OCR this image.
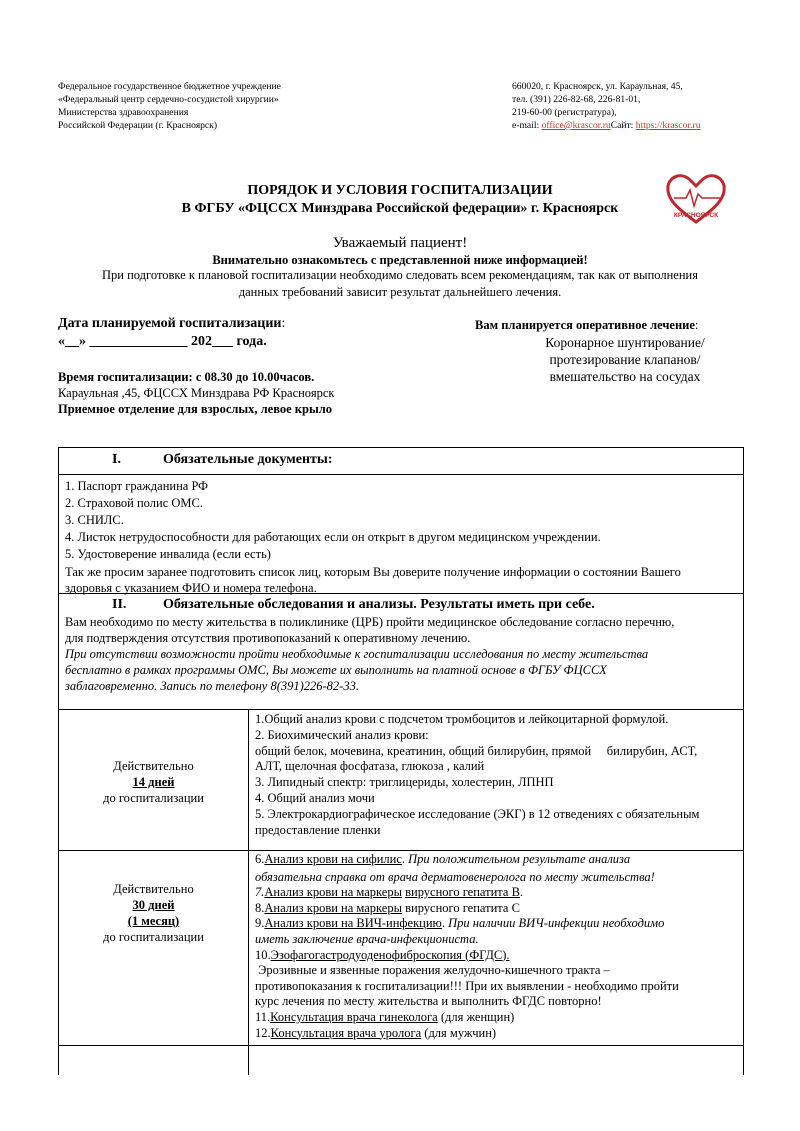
Федеральное государственное бюджетное учреждение
«Федеральный центр сердечно-сосудистой хирургии»
Министерства здравоохранения
Российской Федерации (г. Красноярск)
660020, г. Красноярск, ул. Караульная, 45,
тел. (391) 226-82-68, 226-81-01,
219-60-00 (регистратура),
e-mail: office@krascor.ruСайт: https://krascor.ru
КРАСНОЯРСК
ПОРЯДОК И УСЛОВИЯ ГОСПИТАЛИЗАЦИИ
В ФГБУ «ФЦССХ Минздрава Российской федерации» г. Красноярск
Уважаемый пациент!
Внимательно ознакомьтесь с представленной ниже информацией!
При подготовке к плановой госпитализации необходимо следовать всем рекомендациям, так как от выполнения
данных требований зависит результат дальнейшего лечения.
Дата планируемой госпитализации:
«__» ______________ 202___ года.
Время госпитализации: с 08.30 до 10.00часов.
Караульная ,45, ФЦССХ Минздрава РФ Красноярск
Приемное отделение для взрослых, левое крыло
Вам планируется оперативное лечение:
Коронарное шунтирование/
протезирование клапанов/
вмешательство на сосудах
I.	Обязательные документы:
1. Паспорт гражданина РФ
2. Страховой полис ОМС.
3. СНИЛС.
4. Листок нетрудоспособности для работающих если он открыт в другом медицинском учреждении.
5. Удостоверение инвалида (если есть)
Так же просим заранее подготовить список лиц, которым Вы доверите получение информации о состоянии Вашего
здоровья с указанием ФИО и номера телефона.
II.	Обязательные обследования и анализы. Результаты иметь при себе.
Вам необходимо по месту жительства в поликлинике (ЦРБ) пройти медицинское обследование согласно перечню,
для подтверждения отсутствия противопоказаний к оперативному лечению.
При отсутствии возможности пройти необходимые к госпитализации исследования по месту жительства
бесплатно в рамках программы ОМС, Вы можете их выполнить на платной основе в ФГБУ ФЦССХ
заблаговременно. Запись по телефону 8(391)226-82-33.
Действительно
14 дней
до госпитализации
1.Общий анализ крови с подсчетом тромбоцитов и лейкоцитарной формулой.
2. Биохимический анализ крови:
общий белок, мочевина, креатинин, общий билирубин, прямой     билирубин, АСТ,
АЛТ, щелочная фосфатаза, глюкоза , калий
3. Липидный спектр: триглицериды, холестерин, ЛПНП
4. Общий анализ мочи
5. Электрокардиографическое исследование (ЭКГ) в 12 отведениях с обязательным
предоставление пленки
Действительно
30 дней
(1 месяц)
до госпитализации
6.Анализ крови на сифилис. При положительном результате анализа
обязательна справка от врача дерматовенеролога по месту жительства!
7.Анализ крови на маркеры вирусного гепатита В.
8.Анализ крови на маркеры вирусного гепатита С
9.Анализ крови на ВИЧ-инфекцию. При наличии ВИЧ-инфекции необходимо
иметь заключение врача-инфекциониста.
10.Эзофагогастродуоденофиброскопия (ФГДС).
Эрозивные и язвенные поражения желудочно-кишечного тракта –
противопоказания к госпитализации!!! При их выявлении - необходимо пройти
курс лечения по месту жительства и выполнить ФГДС повторно!
11.Консультация врача гинеколога (для женщин)
12.Консультация врача уролога (для мужчин)
